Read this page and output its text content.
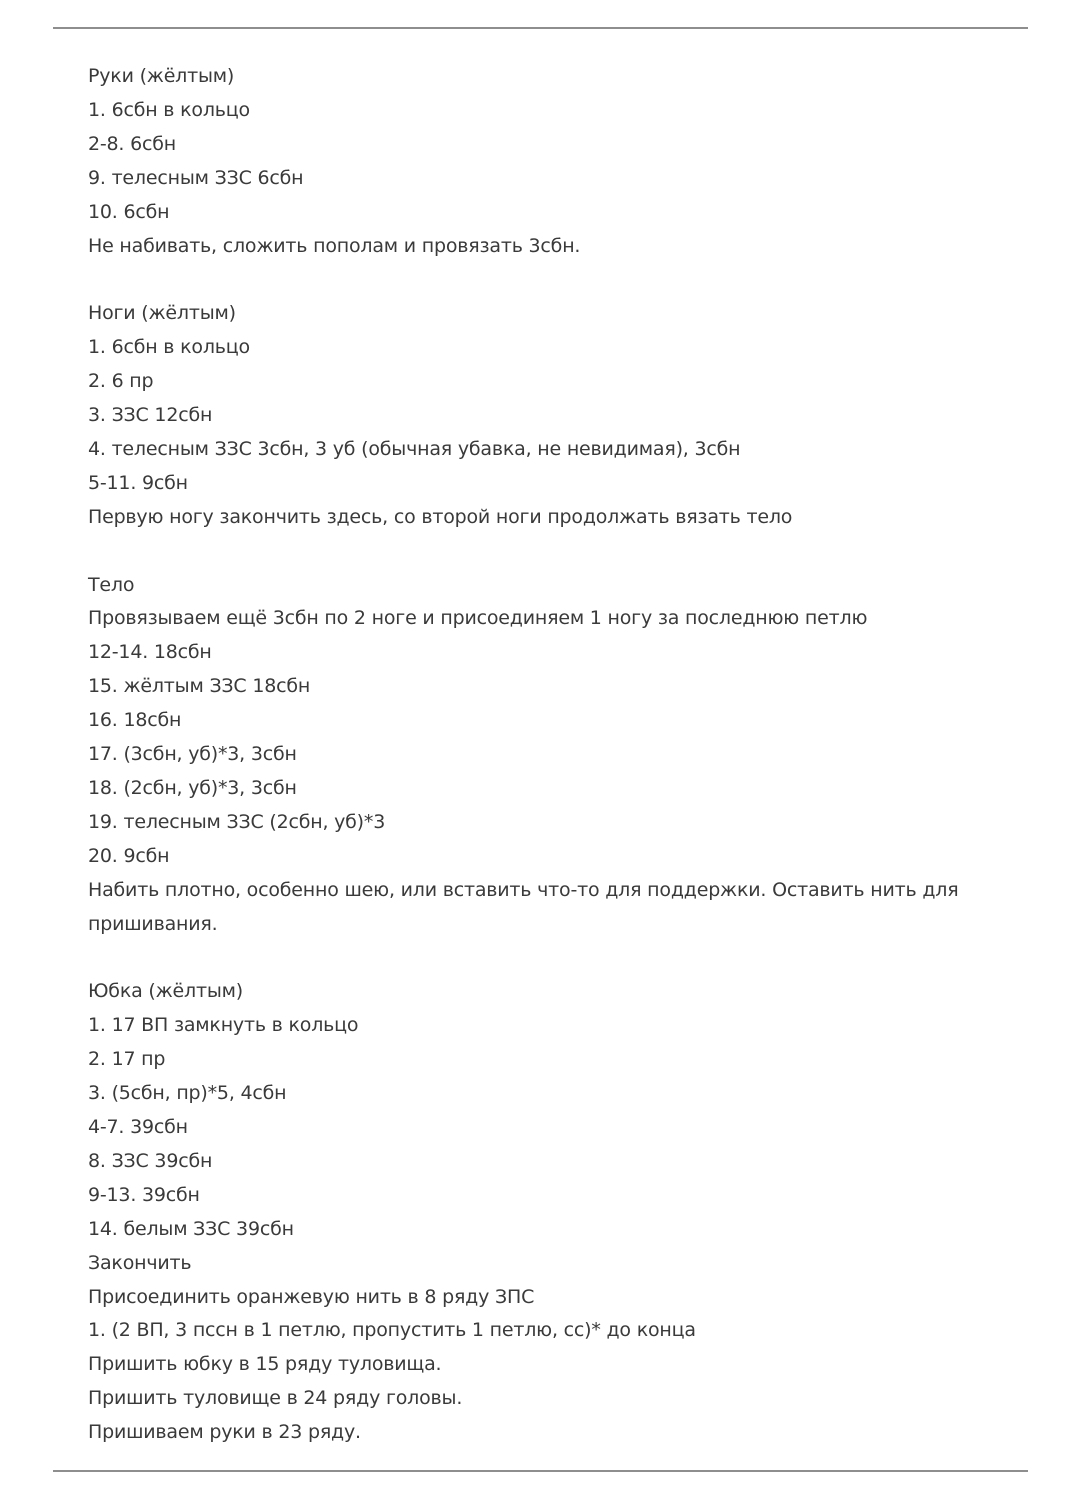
Руки (жёлтым)
1. 6сбн в кольцо
2-8. 6сбн
9. телесным ЗЗС 6сбн
10. 6сбн
Не набивать, сложить пополам и провязать 3сбн.
Ноги (жёлтым)
1. 6сбн в кольцо
2. 6 пр
3. ЗЗС 12сбн
4. телесным ЗЗС 3сбн, 3 уб (обычная убавка, не невидимая), 3сбн
5-11. 9сбн
Первую ногу закончить здесь, со второй ноги продолжать вязать тело
Тело
Провязываем ещё 3сбн по 2 ноге и присоединяем 1 ногу за последнюю петлю
12-14. 18сбн
15. жёлтым ЗЗС 18сбн
16. 18сбн
17. (3сбн, уб)*3, 3сбн
18. (2сбн, уб)*3, 3сбн
19. телесным ЗЗС (2сбн, уб)*3
20. 9сбн
Набить плотно, особенно шею, или вставить что-то для поддержки. Оставить нить для пришивания.
Юбка (жёлтым)
1. 17 ВП замкнуть в кольцо
2. 17 пр
3. (5сбн, пр)*5, 4сбн
4-7. 39сбн
8. ЗЗС 39сбн
9-13. 39сбн
14. белым ЗЗС 39сбн
Закончить
Присоединить оранжевую нить в 8 ряду ЗПС
1. (2 ВП, 3 пссн в 1 петлю, пропустить 1 петлю, сс)* до конца
Пришить юбку в 15 ряду туловища.
Пришить туловище в 24 ряду головы.
Пришиваем руки в 23 ряду.
